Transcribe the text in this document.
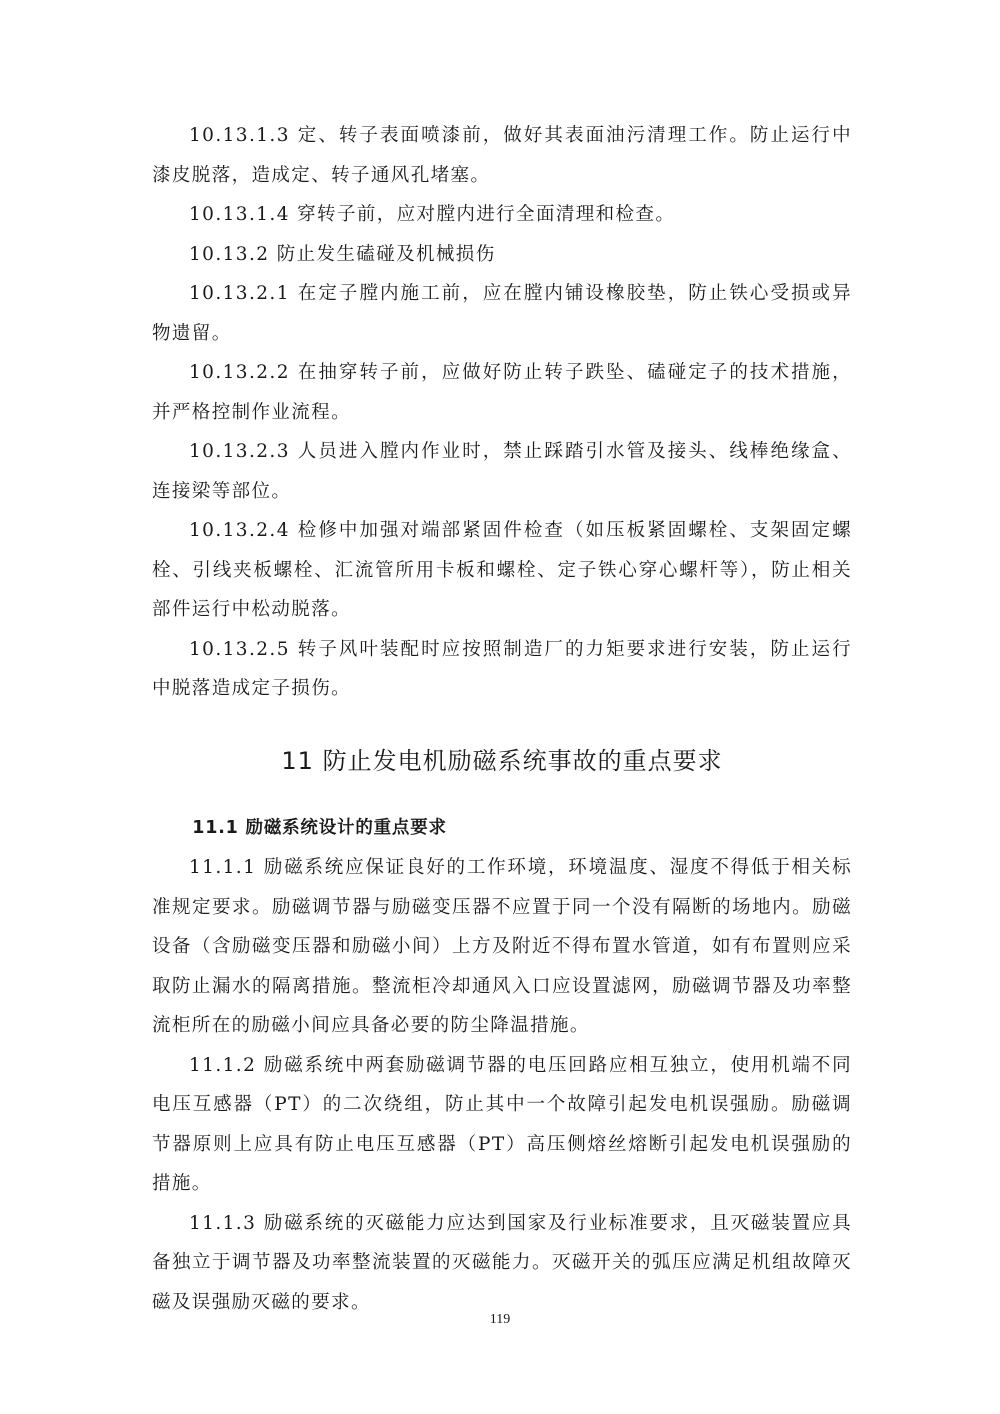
10.13.1.3 定、转子表面喷漆前，做好其表面油污清理工作。防止运行中漆皮脱落，造成定、转子通风孔堵塞。

10.13.1.4 穿转子前，应对膛内进行全面清理和检查。

10.13.2 防止发生磕碰及机械损伤

10.13.2.1 在定子膛内施工前，应在膛内铺设橡胶垫，防止铁心受损或异物遗留。

10.13.2.2 在抽穿转子前，应做好防止转子跌坠、磕碰定子的技术措施，并严格控制作业流程。

10.13.2.3 人员进入膛内作业时，禁止踩踏引水管及接头、线棒绝缘盒、连接梁等部位。

10.13.2.4 检修中加强对端部紧固件检查（如压板紧固螺栓、支架固定螺栓、引线夹板螺栓、汇流管所用卡板和螺栓、定子铁心穿心螺杆等），防止相关部件运行中松动脱落。

10.13.2.5 转子风叶装配时应按照制造厂的力矩要求进行安装，防止运行中脱落造成定子损伤。

11 防止发电机励磁系统事故的重点要求
11.1 励磁系统设计的重点要求

11.1.1 励磁系统应保证良好的工作环境，环境温度、湿度不得低于相关标准规定要求。励磁调节器与励磁变压器不应置于同一个没有隔断的场地内。励磁设备（含励磁变压器和励磁小间）上方及附近不得布置水管道，如有布置则应采取防止漏水的隔离措施。整流柜冷却通风入口应设置滤网，励磁调节器及功率整流柜所在的励磁小间应具备必要的防尘降温措施。

11.1.2 励磁系统中两套励磁调节器的电压回路应相互独立，使用机端不同电压互感器（PT）的二次绕组，防止其中一个故障引起发电机误强励。励磁调节器原则上应具有防止电压互感器（PT）高压侧熔丝熔断引起发电机误强励的措施。

11.1.3 励磁系统的灭磁能力应达到国家及行业标准要求，且灭磁装置应具备独立于调节器及功率整流装置的灭磁能力。灭磁开关的弧压应满足机组故障灭磁及误强励灭磁的要求。

119
